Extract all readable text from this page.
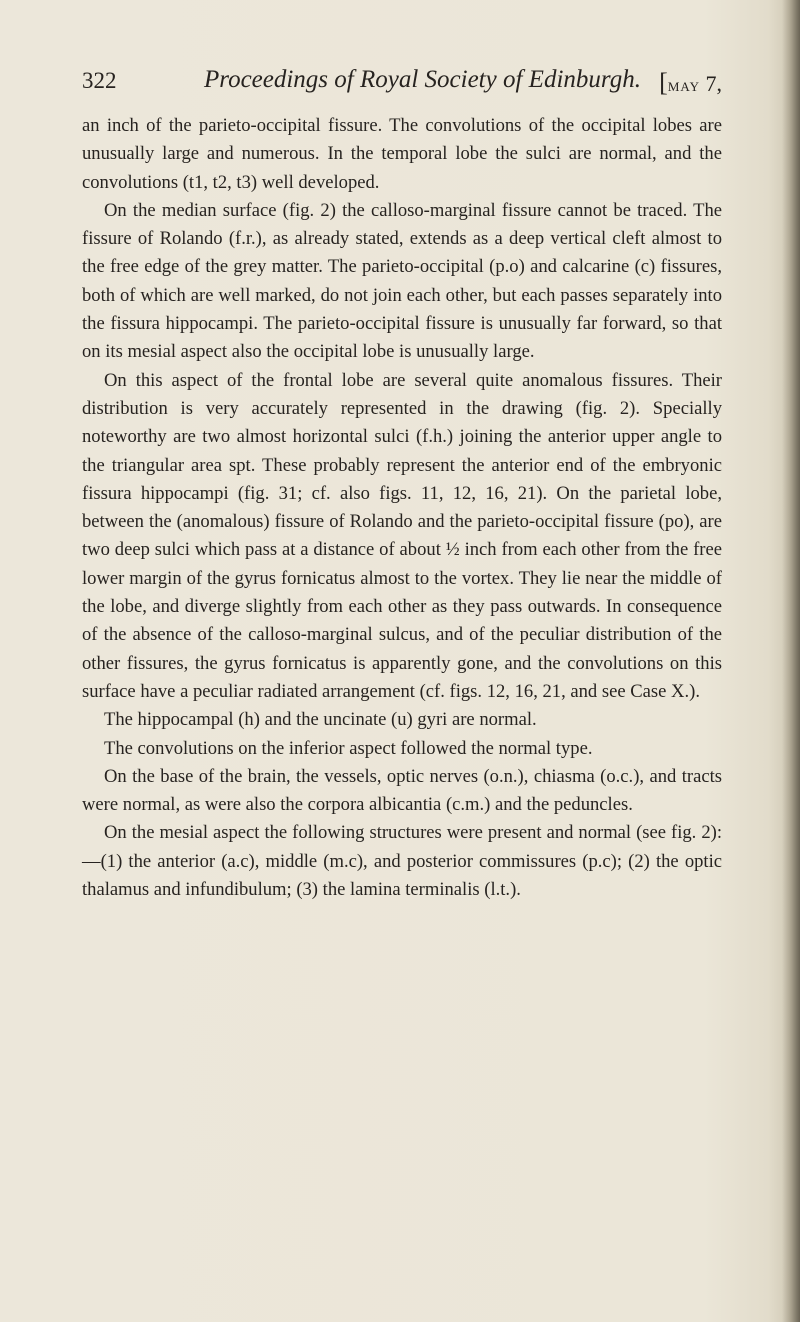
322	Proceedings of Royal Society of Edinburgh. [MAY 7,

an inch of the parieto-occipital fissure. The convolutions of the occipital lobes are unusually large and numerous. In the temporal lobe the sulci are normal, and the convolutions (t1, t2, t3) well developed.

On the median surface (fig. 2) the calloso-marginal fissure cannot be traced. The fissure of Rolando (f.r.), as already stated, extends as a deep vertical cleft almost to the free edge of the grey matter. The parieto-occipital (p.o) and calcarine (c) fissures, both of which are well marked, do not join each other, but each passes separately into the fissura hippocampi. The parieto-occipital fissure is unusually far forward, so that on its mesial aspect also the occipital lobe is unusually large.

On this aspect of the frontal lobe are several quite anomalous fissures. Their distribution is very accurately represented in the drawing (fig. 2). Specially noteworthy are two almost horizontal sulci (f.h.) joining the anterior upper angle to the triangular area spt. These probably represent the anterior end of the embryonic fissura hippocampi (fig. 31; cf. also figs. 11, 12, 16, 21). On the parietal lobe, between the (anomalous) fissure of Rolando and the parieto-occipital fissure (po), are two deep sulci which pass at a distance of about ½ inch from each other from the free lower margin of the gyrus fornicatus almost to the vortex. They lie near the middle of the lobe, and diverge slightly from each other as they pass outwards. In consequence of the absence of the calloso-marginal sulcus, and of the peculiar distribution of the other fissures, the gyrus fornicatus is apparently gone, and the convolutions on this surface have a peculiar radiated arrangement (cf. figs. 12, 16, 21, and see Case X.).

The hippocampal (h) and the uncinate (u) gyri are normal.

The convolutions on the inferior aspect followed the normal type.

On the base of the brain, the vessels, optic nerves (o.n.), chiasma (o.c.), and tracts were normal, as were also the corpora albicantia (c.m.) and the peduncles.

On the mesial aspect the following structures were present and normal (see fig. 2):—(1) the anterior (a.c), middle (m.c), and posterior commissures (p.c); (2) the optic thalamus and infundibulum; (3) the lamina terminalis (l.t.).
